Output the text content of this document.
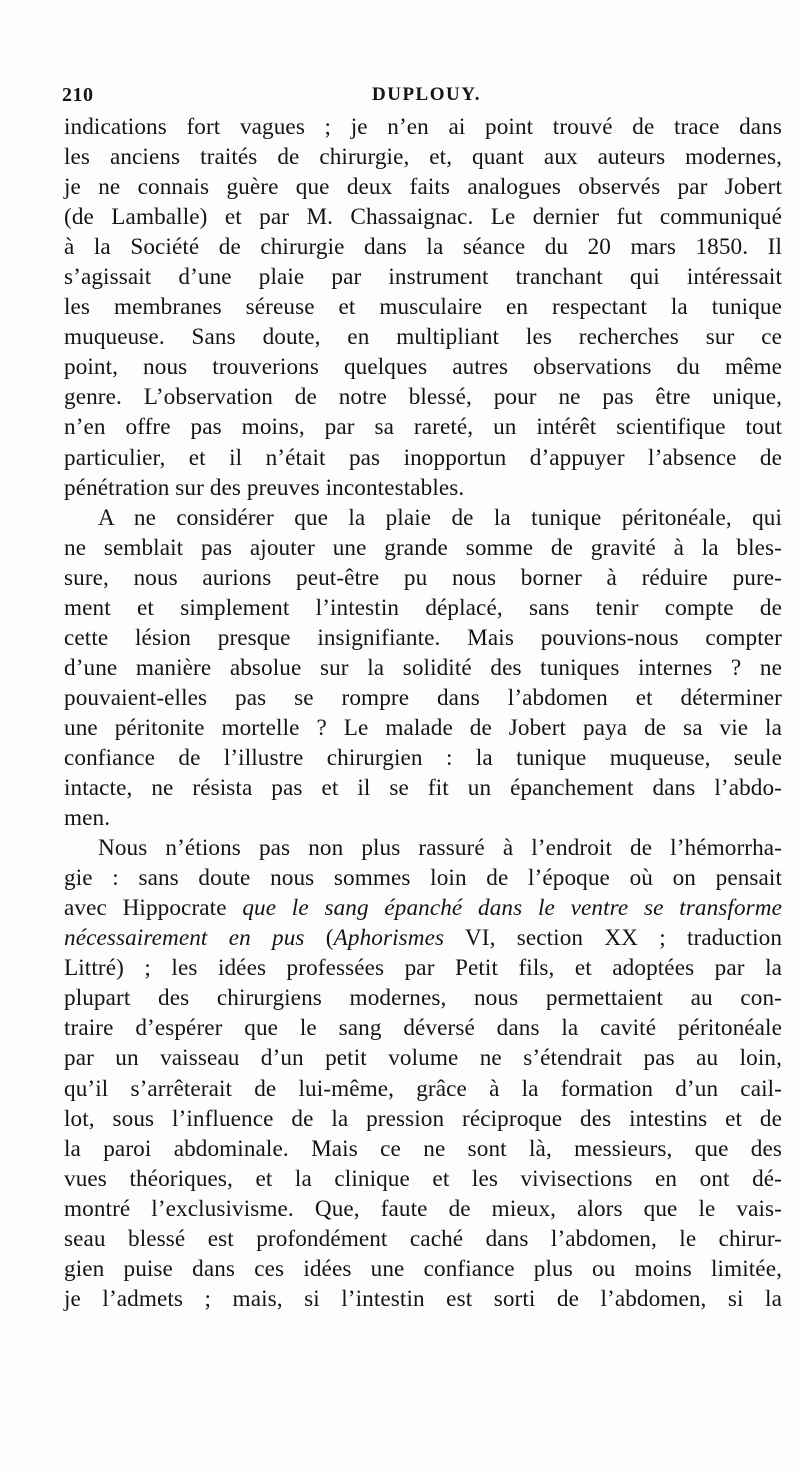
210	DUPLOUY.
indications fort vagues ; je n’en ai point trouvé de trace dans
les anciens traités de chirurgie, et, quant aux auteurs modernes,
je ne connais guère que deux faits analogues observés par Jobert
(de Lamballe) et par M. Chassaignac. Le dernier fut communiqué
à la Société de chirurgie dans la séance du 20 mars 1850. Il
s’agissait d’une plaie par instrument tranchant qui intéressait
les membranes séreuse et musculaire en respectant la tunique
muqueuse. Sans doute, en multipliant les recherches sur ce
point, nous trouverions quelques autres observations du même
genre. L’observation de notre blessé, pour ne pas être unique,
n’en offre pas moins, par sa rareté, un intérêt scientifique tout
particulier, et il n’était pas inopportun d’appuyer l’absence de
pénétration sur des preuves incontestables.
A ne considérer que la plaie de la tunique péritonéale, qui
ne semblait pas ajouter une grande somme de gravité à la bles-
sure, nous aurions peut-être pu nous borner à réduire pure-
ment et simplement l’intestin déplacé, sans tenir compte de
cette lésion presque insignifiante. Mais pouvions-nous compter
d’une manière absolue sur la solidité des tuniques internes ? ne
pouvaient-elles pas se rompre dans l’abdomen et déterminer
une péritonite mortelle ? Le malade de Jobert paya de sa vie la
confiance de l’illustre chirurgien : la tunique muqueuse, seule
intacte, ne résista pas et il se fit un épanchement dans l’abdo-
men.
Nous n’étions pas non plus rassuré à l’endroit de l’hémorrha-
gie : sans doute nous sommes loin de l’époque où on pensait
avec Hippocrate que le sang épanché dans le ventre se transforme
nécessairement en pus (Aphorismes VI, section XX ; traduction
Littré) ; les idées professées par Petit fils, et adoptées par la
plupart des chirurgiens modernes, nous permettaient au con-
traire d’espérer que le sang déversé dans la cavité péritonéale
par un vaisseau d’un petit volume ne s’étendrait pas au loin,
qu’il s’arrêterait de lui-même, grâce à la formation d’un cail-
lot, sous l’influence de la pression réciproque des intestins et de
la paroi abdominale. Mais ce ne sont là, messieurs, que des
vues théoriques, et la clinique et les vivisections en ont dé-
montré l’exclusivisme. Que, faute de mieux, alors que le vais-
seau blessé est profondément caché dans l’abdomen, le chirur-
gien puise dans ces idées une confiance plus ou moins limitée,
je l’admets ; mais, si l’intestin est sorti de l’abdomen, si la
